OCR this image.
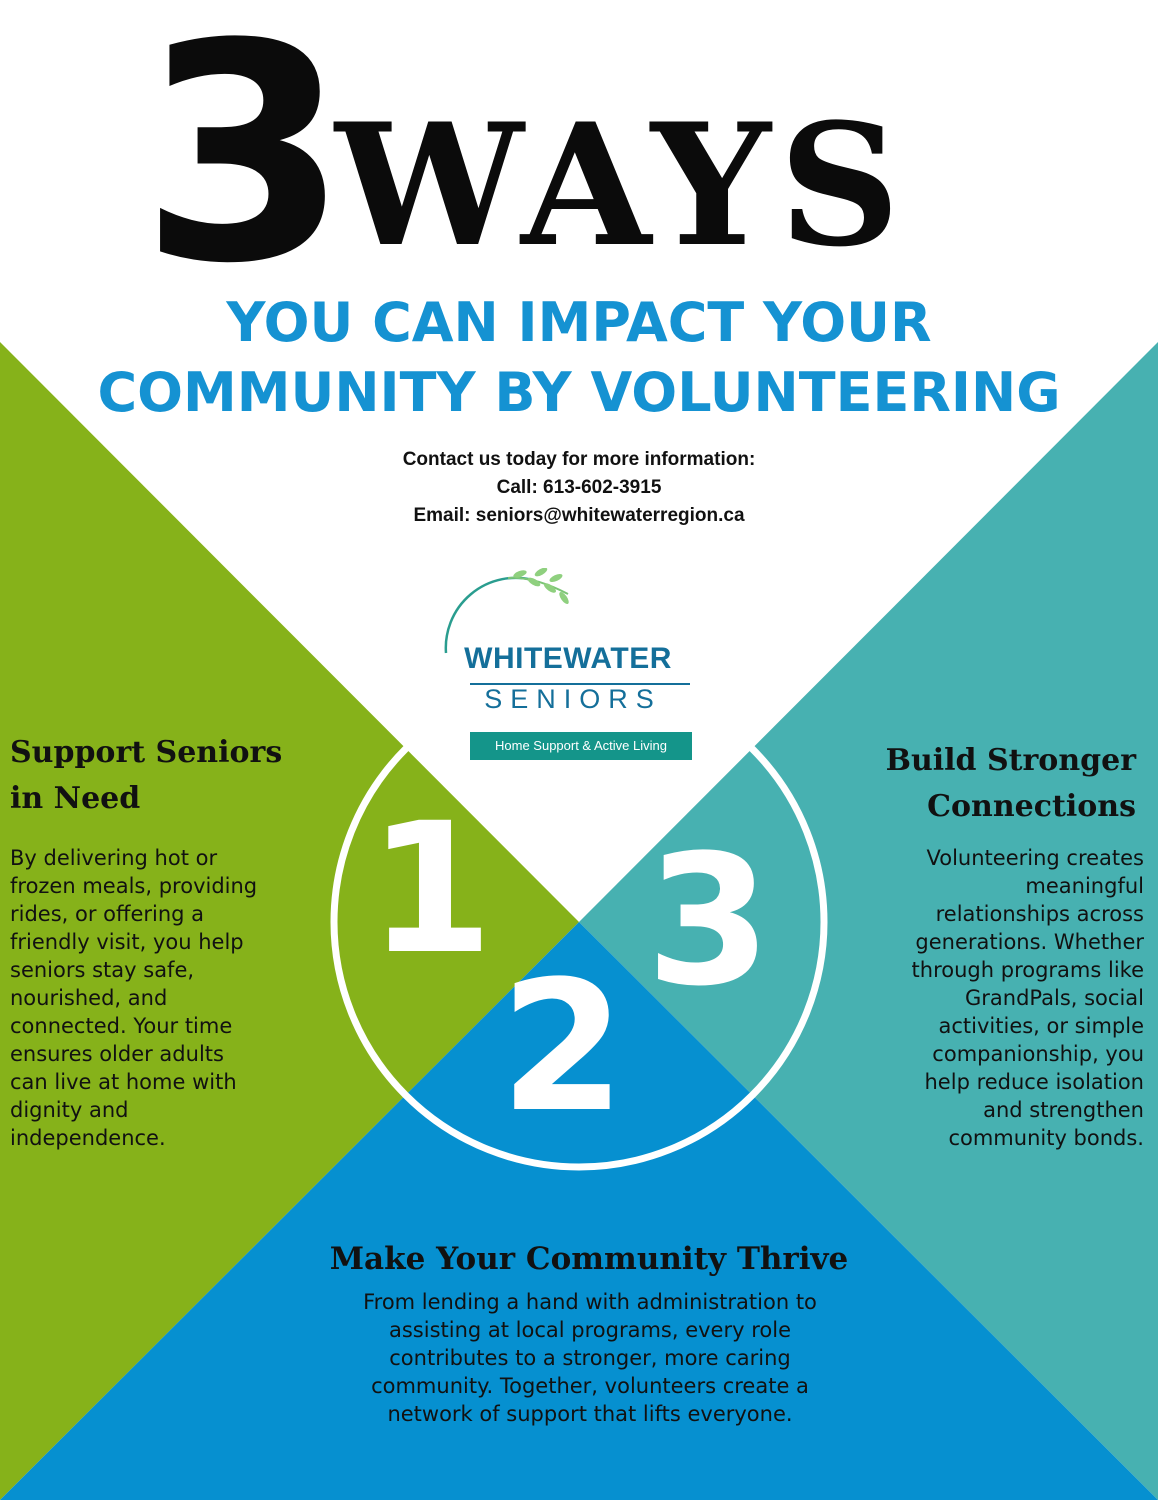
3
WAYS
YOU CAN IMPACT YOUR
COMMUNITY BY VOLUNTEERING
Contact us today for more information:
Call: 613-602-3915
Email: seniors@whitewaterregion.ca
WHITEWATER
SENIORS
Home Support & Active Living
1
2
3
Support Seniors
in Need
By delivering hot or
frozen meals, providing
rides, or offering a
friendly visit, you help
seniors stay safe,
nourished, and
connected. Your time
ensures older adults
can live at home with
dignity and
independence.
Build Stronger
Connections
Volunteering creates
meaningful
relationships across
generations. Whether
through programs like
GrandPals, social
activities, or simple
companionship, you
help reduce isolation
and strengthen
community bonds.
Make Your Community Thrive
From lending a hand with administration to
assisting at local programs, every role
contributes to a stronger, more caring
community. Together, volunteers create a
network of support that lifts everyone.
